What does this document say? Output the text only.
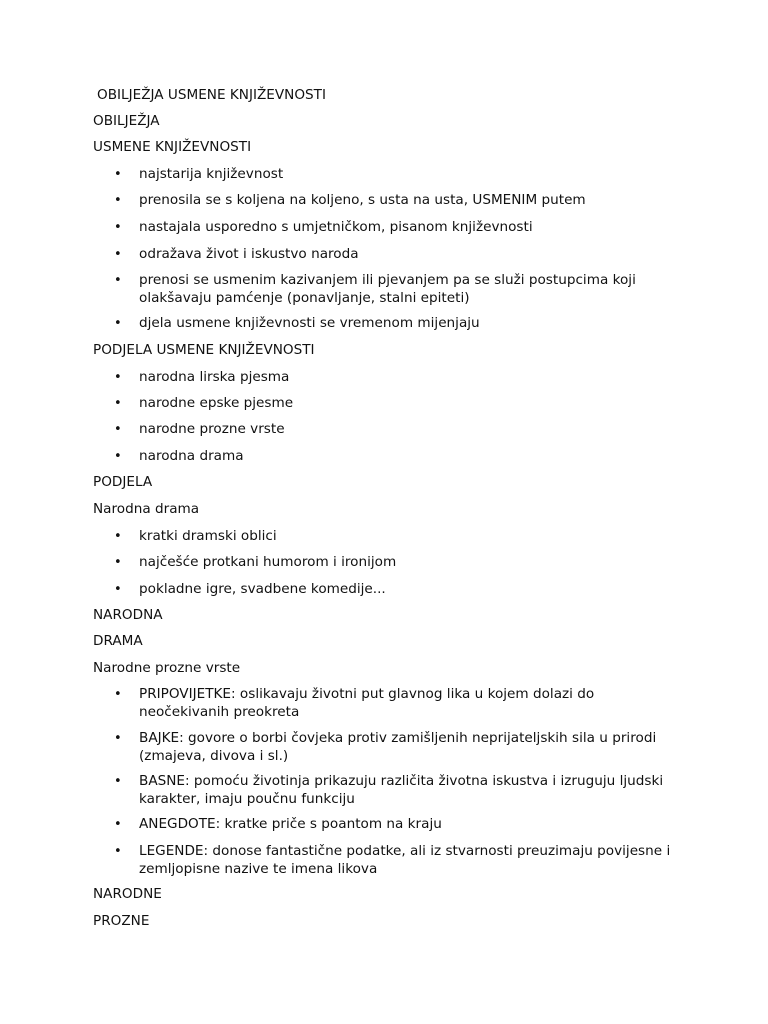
OBILJEŽJA USMENE KNJIŽEVNOSTI
OBILJEŽJA
USMENE KNJIŽEVNOSTI
• najstarija književnost
• prenosila se s koljena na koljeno, s usta na usta, USMENIM putem
• nastajala usporedno s umjetničkom, pisanom književnosti
• odražava život i iskustvo naroda
• prenosi se usmenim kazivanjem ili pjevanjem pa se služi postupcima koji olakšavaju pamćenje (ponavljanje, stalni epiteti)
• djela usmene književnosti se vremenom mijenjaju
PODJELA USMENE KNJIŽEVNOSTI
• narodna lirska pjesma
• narodne epske pjesme
• narodne prozne vrste
• narodna drama
PODJELA
Narodna drama
• kratki dramski oblici
• najčešće protkani humorom i ironijom
• pokladne igre, svadbene komedije...
NARODNA
DRAMA
Narodne prozne vrste
• PRIPOVIJETKE: oslikavaju životni put glavnog lika u kojem dolazi do neočekivanih preokreta
• BAJKE: govore o borbi čovjeka protiv zamišljenih neprijateljskih sila u prirodi (zmajeva, divova i sl.)
• BASNE: pomoću životinja prikazuju različita životna iskustva i izruguju ljudski karakter, imaju poučnu funkciju
• ANEGDOTE: kratke priče s poantom na kraju
• LEGENDE: donose fantastične podatke, ali iz stvarnosti preuzimaju povijesne i zemljopisne nazive te imena likova
NARODNE
PROZNE
